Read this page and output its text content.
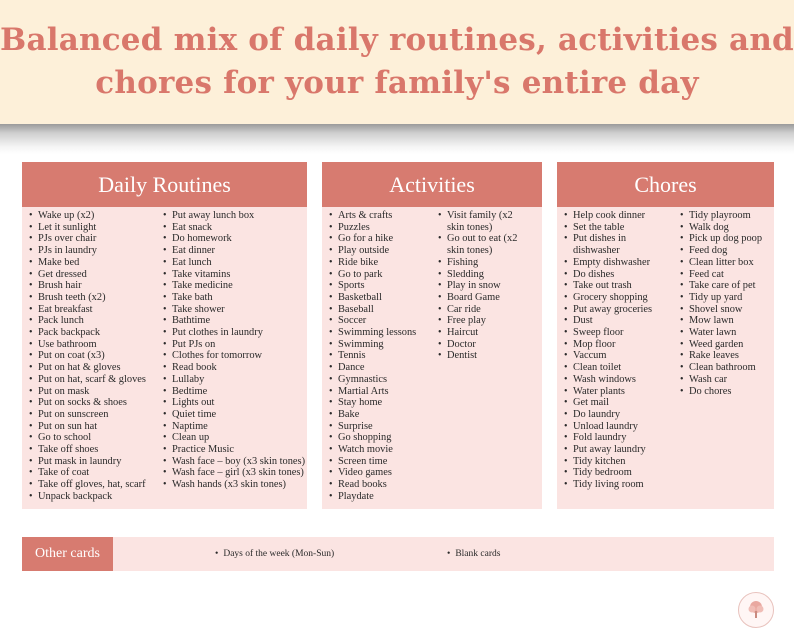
Balanced mix of daily routines, activities and
chores for your family's entire day
Daily Routines
• Wake up (x2)
• Let it sunlight
• PJs over chair
• PJs in laundry
• Make bed
• Get dressed
• Brush hair
• Brush teeth (x2)
• Eat breakfast
• Pack lunch
• Pack backpack
• Use bathroom
• Put on coat (x3)
• Put on hat & gloves
• Put on hat, scarf & gloves
• Put on mask
• Put on socks & shoes
• Put on sunscreen
• Put on sun hat
• Go to school
• Take off shoes
• Put mask in laundry
• Take of coat
• Take off gloves, hat, scarf
• Unpack backpack
• Put away lunch box
• Eat snack
• Do homework
• Eat dinner
• Eat lunch
• Take vitamins
• Take medicine
• Take bath
• Take shower
• Bathtime
• Put clothes in laundry
• Put PJs on
• Clothes for tomorrow
• Read book
• Lullaby
• Bedtime
• Lights out
• Quiet time
• Naptime
• Clean up
• Practice Music
• Wash face – boy (x3 skin tones)
• Wash face – girl (x3 skin tones)
• Wash hands (x3 skin tones)
Activities
• Arts & crafts
• Puzzles
• Go for a hike
• Play outside
• Ride bike
• Go to park
• Sports
• Basketball
• Baseball
• Soccer
• Swimming lessons
• Swimming
• Tennis
• Dance
• Gymnastics
• Martial Arts
• Stay home
• Bake
• Surprise
• Go shopping
• Watch movie
• Screen time
• Video games
• Read books
• Playdate
• Visit family (x2
skin tones)
• Go out to eat (x2
skin tones)
• Fishing
• Sledding
• Play in snow
• Board Game
• Car ride
• Free play
• Haircut
• Doctor
• Dentist
Chores
• Help cook dinner
• Set the table
• Put dishes in
dishwasher
• Empty dishwasher
• Do dishes
• Take out trash
• Grocery shopping
• Put away groceries
• Dust
• Sweep floor
• Mop floor
• Vaccum
• Clean toilet
• Wash windows
• Water plants
• Get mail
• Do laundry
• Unload laundry
• Fold laundry
• Put away laundry
• Tidy kitchen
• Tidy bedroom
• Tidy living room
• Tidy playroom
• Walk dog
• Pick up dog poop
• Feed dog
• Clean litter box
• Feed cat
• Take care of pet
• Tidy up yard
• Shovel snow
• Mow lawn
• Water lawn
• Weed garden
• Rake leaves
• Clean bathroom
• Wash car
• Do chores
Other cards	• Days of the week (Mon-Sun)	• Blank cards
